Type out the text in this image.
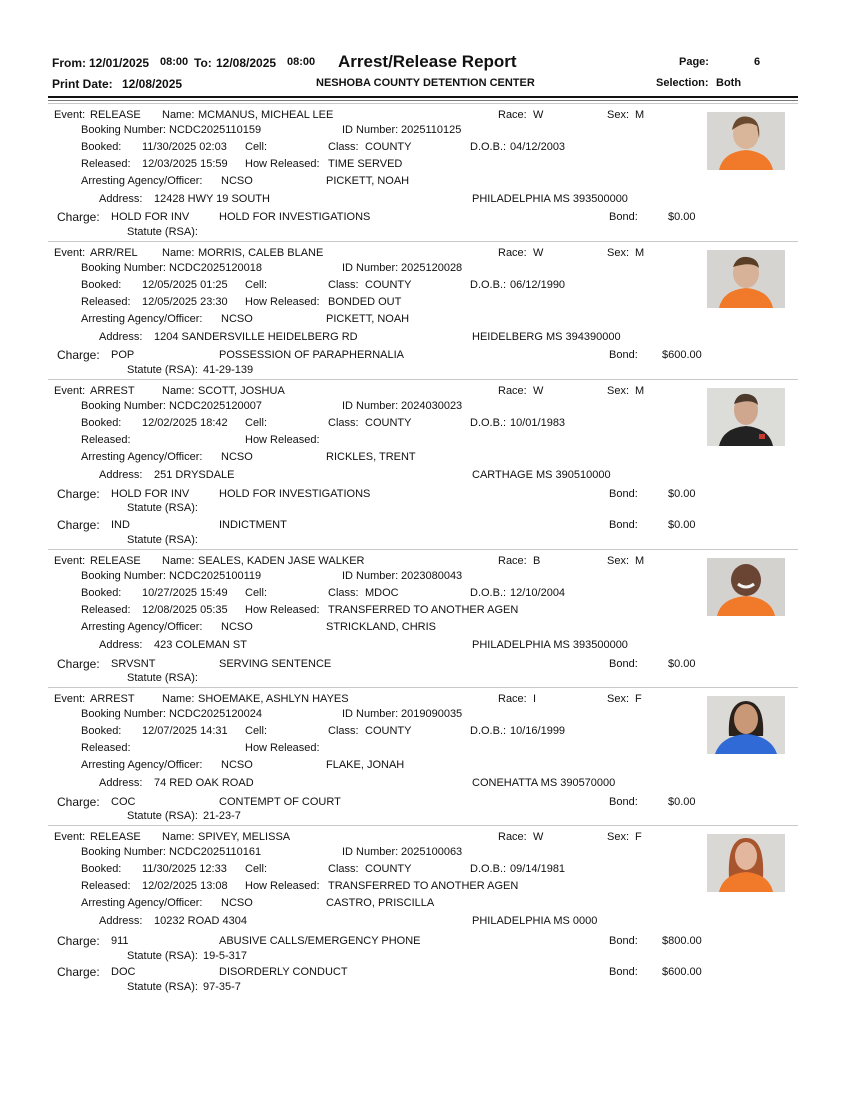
From: 12/01/2025 08:00 To: 12/08/2025 08:00 Arrest/Release Report	Page:	6
Print Date: 12/08/2025	NESHOBA COUNTY DETENTION CENTER	Selection: Both
Event: RELEASE Name: MCMANUS, MICHEAL LEE	Race: W	Sex: M
Booking Number: NCDC2025110159	ID Number: 2025110125
Booked: 11/30/2025 02:03 Cell:	Class: COUNTY	D.O.B.: 04/12/2003
Released: 12/03/2025 15:59 How Released: TIME SERVED
Arresting Agency/Officer: NCSO	PICKETT, NOAH
Address: 12428 HWY 19 SOUTH	PHILADELPHIA MS 393500000
Charge: HOLD FOR INV	HOLD FOR INVESTIGATIONS	Bond:	$0.00
Statute (RSA):
Event: ARR/REL Name: MORRIS, CALEB BLANE	Race: W	Sex: M
Booking Number: NCDC2025120018	ID Number: 2025120028
Booked: 12/05/2025 01:25 Cell:	Class: COUNTY	D.O.B.: 06/12/1990
Released: 12/05/2025 23:30 How Released: BONDED OUT
Arresting Agency/Officer: NCSO	PICKETT, NOAH
Address: 1204 SANDERSVILLE HEIDELBERG RD	HEIDELBERG MS 394390000
Charge: POP	POSSESSION OF PARAPHERNALIA	Bond: $600.00
Statute (RSA): 41-29-139
Event: ARREST Name: SCOTT, JOSHUA	Race: W	Sex: M
Booking Number: NCDC2025120007	ID Number: 2024030023
Booked: 12/02/2025 18:42 Cell:	Class: COUNTY	D.O.B.: 10/01/1983
Released:	How Released:
Arresting Agency/Officer: NCSO	RICKLES, TRENT
Address: 251 DRYSDALE	CARTHAGE MS 390510000
Charge: HOLD FOR INV	HOLD FOR INVESTIGATIONS	Bond:	$0.00
Statute (RSA):
Charge: IND	INDICTMENT	Bond:	$0.00
Statute (RSA):
Event: RELEASE Name: SEALES, KADEN JASE WALKER	Race: B	Sex: M
Booking Number: NCDC2025100119	ID Number: 2023080043
Booked: 10/27/2025 15:49 Cell:	Class: MDOC	D.O.B.: 12/10/2004
Released: 12/08/2025 05:35 How Released: TRANSFERRED TO ANOTHER AGEN
Arresting Agency/Officer: NCSO	STRICKLAND, CHRIS
Address: 423 COLEMAN ST	PHILADELPHIA MS 393500000
Charge: SRVSNT	SERVING SENTENCE	Bond:	$0.00
Statute (RSA):
Event: ARREST Name: SHOEMAKE, ASHLYN HAYES	Race: I	Sex: F
Booking Number: NCDC2025120024	ID Number: 2019090035
Booked: 12/07/2025 14:31 Cell:	Class: COUNTY	D.O.B.: 10/16/1999
Released:	How Released:
Arresting Agency/Officer: NCSO	FLAKE, JONAH
Address: 74 RED OAK ROAD	CONEHATTA MS 390570000
Charge: COC	CONTEMPT OF COURT	Bond:	$0.00
Statute (RSA): 21-23-7
Event: RELEASE Name: SPIVEY, MELISSA	Race: W	Sex: F
Booking Number: NCDC2025110161	ID Number: 2025100063
Booked: 11/30/2025 12:33 Cell:	Class: COUNTY	D.O.B.: 09/14/1981
Released: 12/02/2025 13:08 How Released: TRANSFERRED TO ANOTHER AGEN
Arresting Agency/Officer: NCSO	CASTRO, PRISCILLA
Address: 10232 ROAD 4304	PHILADELPHIA MS 0000
Charge: 911	ABUSIVE CALLS/EMERGENCY PHONE	Bond: $800.00
Statute (RSA): 19-5-317
Charge: DOC	DISORDERLY CONDUCT	Bond: $600.00
Statute (RSA): 97-35-7
